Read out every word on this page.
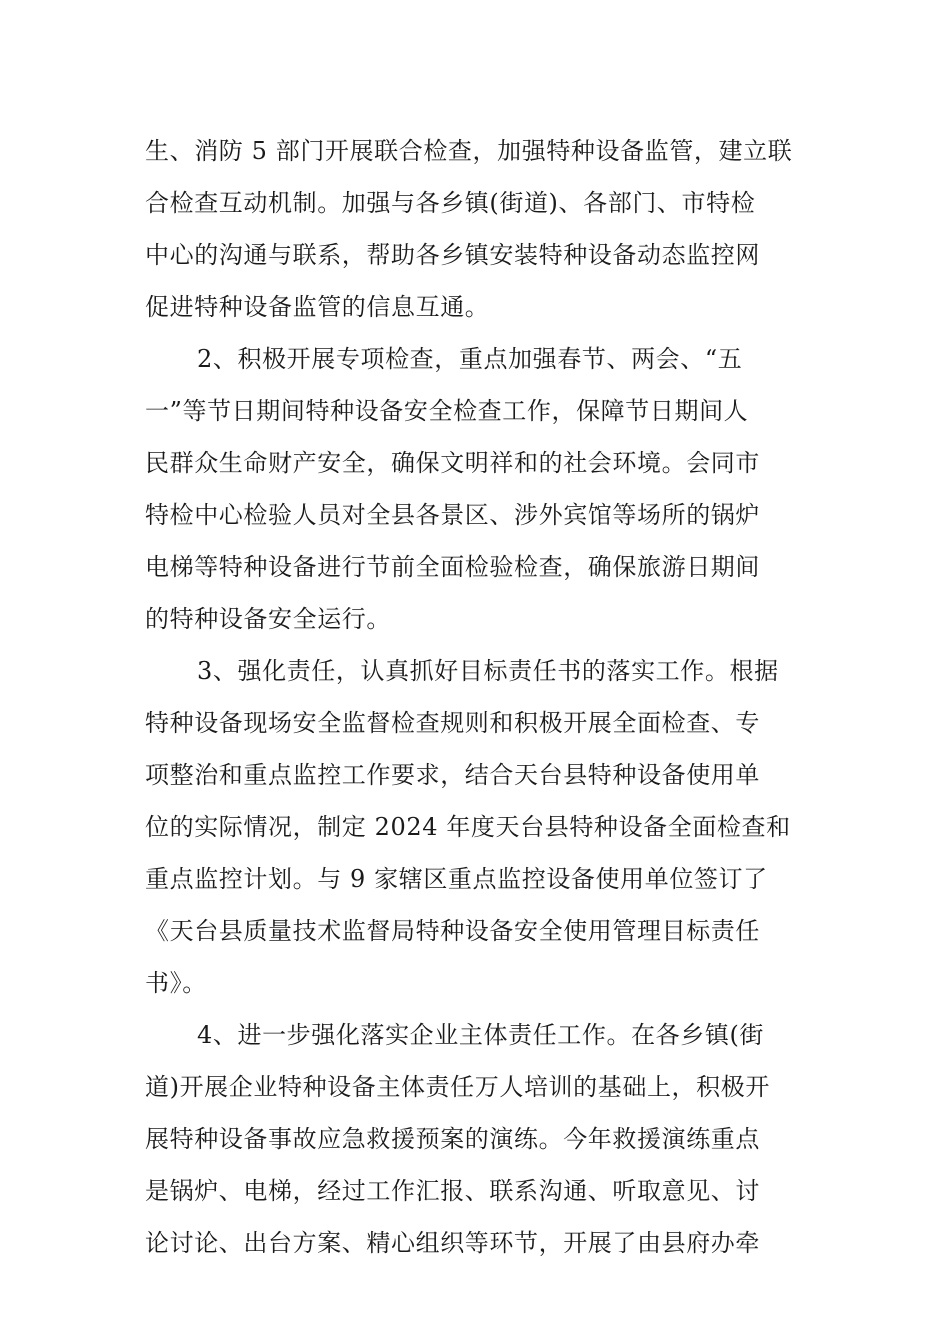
生、消防 5 部门开展联合检查，加强特种设备监管，建立联
合检查互动机制。加强与各乡镇(街道)、各部门、市特检
中心的沟通与联系，帮助各乡镇安装特种设备动态监控网
促进特种设备监管的信息互通。
2、积极开展专项检查，重点加强春节、两会、“五
一”等节日期间特种设备安全检查工作，保障节日期间人
民群众生命财产安全，确保文明祥和的社会环境。会同市
特检中心检验人员对全县各景区、涉外宾馆等场所的锅炉
电梯等特种设备进行节前全面检验检查，确保旅游日期间
的特种设备安全运行。
3、强化责任，认真抓好目标责任书的落实工作。根据
特种设备现场安全监督检查规则和积极开展全面检查、专
项整治和重点监控工作要求，结合天台县特种设备使用单
位的实际情况，制定 2024 年度天台县特种设备全面检查和
重点监控计划。与 9 家辖区重点监控设备使用单位签订了
《天台县质量技术监督局特种设备安全使用管理目标责任
书》。
4、进一步强化落实企业主体责任工作。在各乡镇(街
道)开展企业特种设备主体责任万人培训的基础上，积极开
展特种设备事故应急救援预案的演练。今年救援演练重点
是锅炉、电梯，经过工作汇报、联系沟通、听取意见、讨
论讨论、出台方案、精心组织等环节，开展了由县府办牵
